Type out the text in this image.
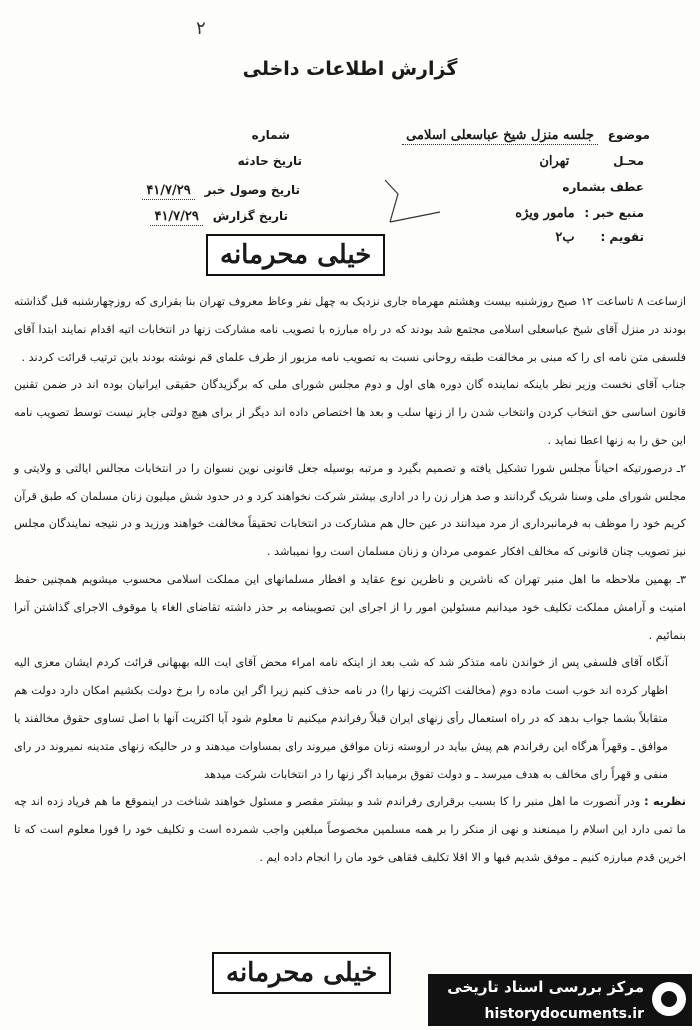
٢
گزارش اطلاعات داخلی
موضوع جلسه منزل شیخ عباسعلی اسلامی
محـل تهران
عطف بشماره
منبع خبر : مامور ویژه
تقویم : ب۲
شماره
تاریخ حادثه
تاریخ وصول خبر ۴۱/۷/۲۹
تاریخ گزارش ۴۱/۷/۲۹
خیلی محرمانه

ازساعت ۸ تاساعت ۱۲ صبح روزشنبه بیست وهشتم مهرماه جاری نزدیک به چهل نفر وعاظ معروف تهران بنا بقراری که روزچهارشنبه قبل گذاشته بودند در منزل آقای شیخ عباسعلی اسلامی مجتمع شد بودند که در راه مبارزه با تصویب نامه مشارکت زنها در انتخابات اتیه اقدام نمایند ابتدا آقای فلسفی متن نامه ای را که مبنی بر مخالفت طبقه روحانی نسبت به تصویب نامه مزبور از طرف علمای قم نوشته بودند باین ترتیب قرائت کردند .

جناب آقای نخست وزیر نظر باینکه نماینده گان دوره های اول و دوم مجلس شورای ملی که برگزیدگان حقیقی ایرانیان بوده اند در ضمن تقنین قانون اساسی حق انتخاب کردن وانتخاب شدن را از زنها سلب و بعد ها اختصاص داده اند دیگر از برای هیچ دولتی جایز نیست توسط تصویب نامه این حق را به زنها اعطا نماید .

۲ـ درصورتیکه احیاناً مجلس شورا تشکیل یافته و تصمیم بگیرد و مرتبه بوسیله جعل قانونی نوین نسوان را در انتخابات مجالس ایالتی و ولایتی و مجلس شورای ملی وسنا شریک گردانند و صد هزار زن را در اداری بیشتر شرکت نخواهند کرد و در حدود شش میلیون زنان مسلمان که طبق قرآن کریم خود را موظف به فرمانبرداری از مرد میدانند در عین حال هم مشارکت در انتخابات تحقیقاً مخالفت خواهند ورزید و در نتیجه نمایندگان مجلس نیز تصویب چنان قانونی که مخالف افکار عمومی مردان و زنان مسلمان است روا نمیباشد .

۳ـ بهمین ملاحظه ما اهل منبر تهران که ناشرین و ناظرین نوع عقاید و افطار مسلمانهای این مملکت اسلامی محسوب میشویم همچنین حفظ امنیت و آرامش مملکت تکلیف خود میدانیم مسئولین امور را از اجرای این تصویبنامه بر حذر داشته تقاضای الغاء یا موقوف الاجرای گذاشتن آنرا بنمائیم .

آنگاه آقای فلسفی پس از خواندن نامه متذکر شد که شب بعد از اینکه نامه امراء محض آقای ایت الله بهبهانی قرائت کردم ایشان معزی الیه اظهار کرده اند خوب است ماده دوم (مخالفت اکثریت زنها را) در نامه حذف کنیم زیرا اگر این ماده را برخ دولت بکشیم امکان دارد دولت هم متقابلاً بشما جواب بدهد که در راه استعمال رأی زنهای ایران قبلاً رفراندم میکنیم تا معلوم شود آیا اکثریت آنها با اصل تساوی حقوق مخالفند یا موافق ـ وقهراً هرگاه این رفراندم هم پیش بیاید در اروسته زنان موافق میروند رای بمساوات میدهند و در حالیکه زنهای متدینه نمیروند در رای منفی و قهراً رای مخالف به هدف میرسد ـ و دولت تفوق برمیابد اگر زنها را در انتخابات شرکت میدهد

نظریه : ودر آنصورت ما اهل منبر را کا بسبب برقراری رفراندم شد و بیشتر مقصر و مسئول خواهند شناخت در اینموقع ما هم فریاد زده اند چه ما تمی دارد این اسلام را میمنعند و نهی از منکر را بر همه مسلمین مخصوصاً مبلغین واجب شمرده است و تکلیف خود را فورا معلوم است که تا اخرین قدم مبارزه کنیم ـ موفق شدیم فبها و الا اقلا تکلیف فقاهی خود مان را انجام داده ایم .

خیلی محرمانه	مرکز بررسی اسناد تاریخی
historydocuments.ir
